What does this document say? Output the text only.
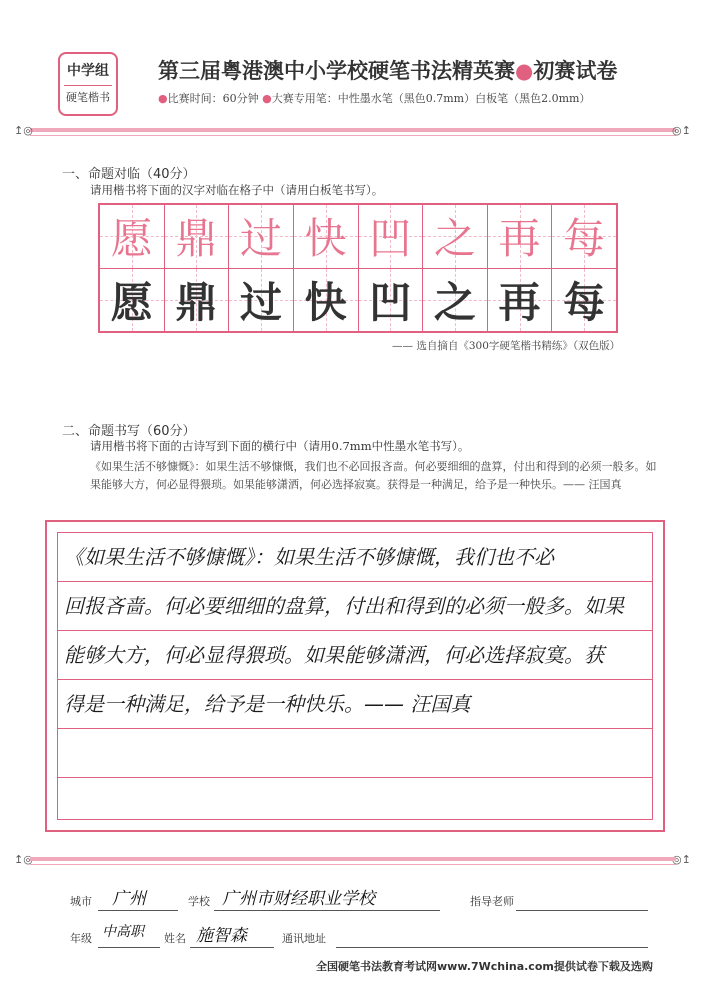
中学组
硬笔楷书
第三届粤港澳中小学校硬笔书法精英赛●初赛试卷
●比赛时间：60分钟 ●大赛专用笔：中性墨水笔（黑色0.7mm）白板笔（黑色2.0mm）
↥◎	◎↥
一、命题对临（40分）
请用楷书将下面的汉字对临在格子中（请用白板笔书写）。
愿 鼎 过 快 凹 之 再 每
愿 鼎 过 快 凹 之 再 每
—— 选自摘自《300字硬笔楷书精练》（双色版）
二、命题书写（60分）
请用楷书将下面的古诗写到下面的横行中（请用0.7mm中性墨水笔书写）。
《如果生活不够慷慨》：如果生活不够慷慨，我们也不必回报吝啬。何必要细细的盘算，付出和得到的必须一般多。如果能够大方，何必显得猥琐。如果能够潇洒，何必选择寂寞。获得是一种满足，给予是一种快乐。—— 汪国真
《如果生活不够慷慨》：如果生活不够慷慨，我们也不必
回报吝啬。何必要细细的盘算，付出和得到的必须一般多。如果
能够大方，何必显得猥琐。如果能够潇洒，何必选择寂寞。获
得是一种满足，给予是一种快乐。—— 汪国真
↥◎	◎↥
城市 广州	学校 广州市财经职业学校	指导老师
年级 中高职 姓名 施智森	通讯地址
全国硬笔书法教育考试网www.7Wchina.com提供试卷下载及选购
